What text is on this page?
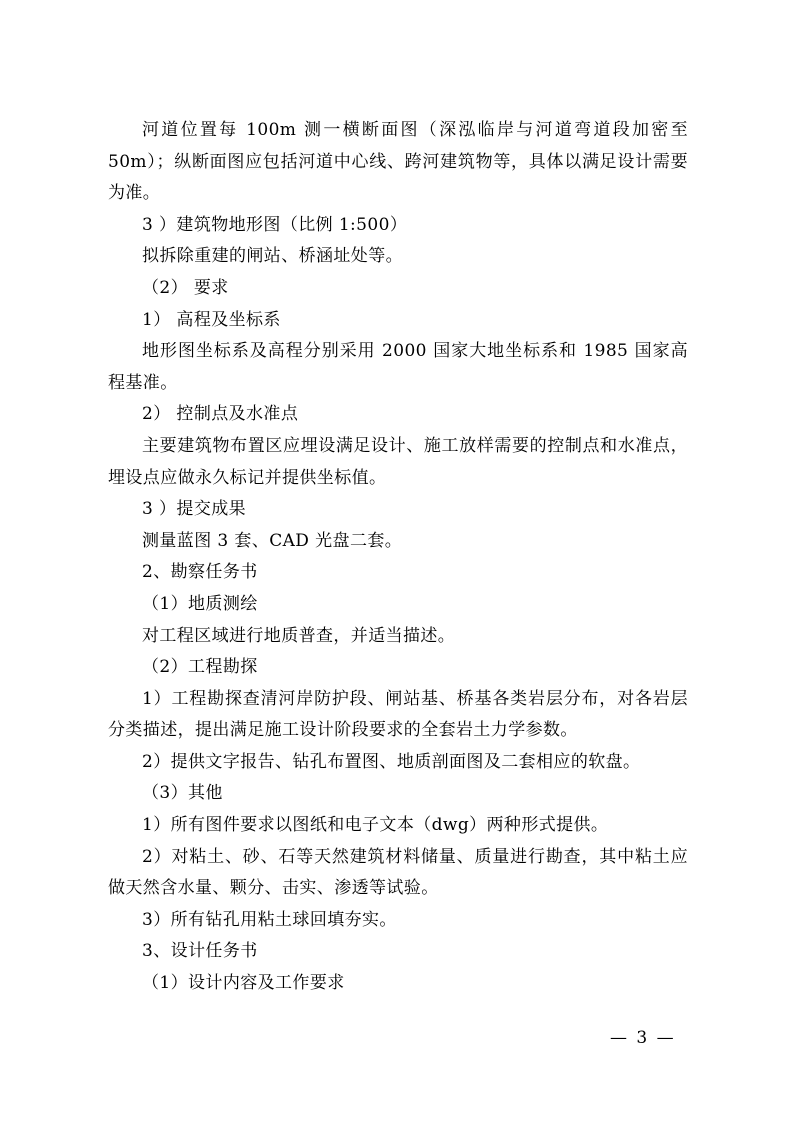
河道位置每 100m 测一横断面图（深泓临岸与河道弯道段加密至50m）；纵断面图应包括河道中心线、跨河建筑物等，具体以满足设计需要为准。

3 ）建筑物地形图（比例 1:500）

拟拆除重建的闸站、桥涵址处等。

（2） 要求

1） 高程及坐标系

地形图坐标系及高程分别采用 2000 国家大地坐标系和 1985 国家高程基准。

2） 控制点及水准点

主要建筑物布置区应埋设满足设计、施工放样需要的控制点和水准点，埋设点应做永久标记并提供坐标值。

3 ）提交成果

测量蓝图 3 套、CAD 光盘二套。

2、勘察任务书

（1）地质测绘

对工程区域进行地质普查，并适当描述。

（2）工程勘探

1）工程勘探查清河岸防护段、闸站基、桥基各类岩层分布，对各岩层分类描述，提出满足施工设计阶段要求的全套岩土力学参数。

2）提供文字报告、钻孔布置图、地质剖面图及二套相应的软盘。

（3）其他

1）所有图件要求以图纸和电子文本（dwg）两种形式提供。

2）对粘土、砂、石等天然建筑材料储量、质量进行勘查，其中粘土应做天然含水量、颗分、击实、渗透等试验。

3）所有钻孔用粘土球回填夯实。

3、设计任务书

（1）设计内容及工作要求

— 3 —
